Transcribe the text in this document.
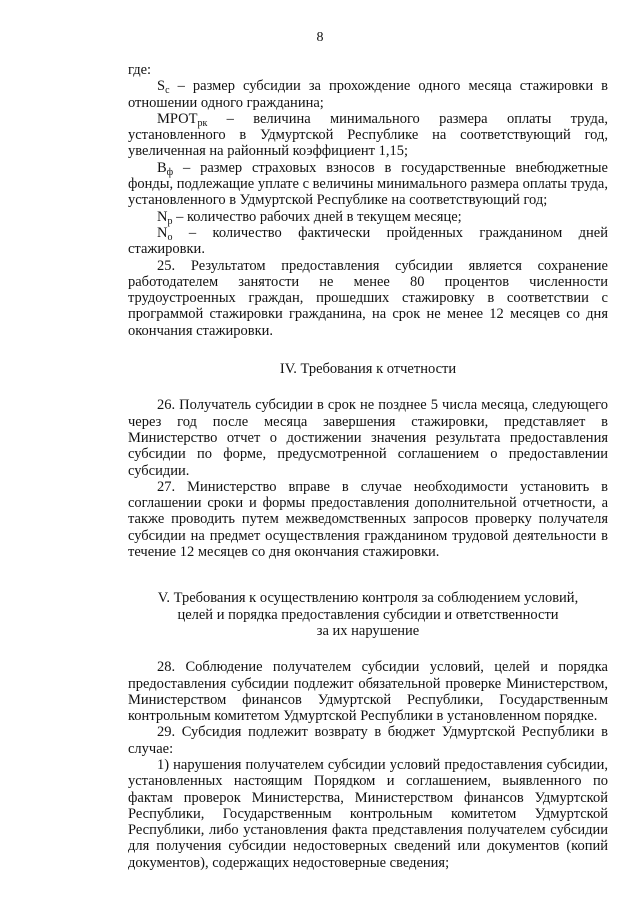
8

где:

$S_с$ – размер субсидии за прохождение одного месяца стажировки в отношении одного гражданина;

$МРОТ_{рк}$ – величина минимального размера оплаты труда, установленного в Удмуртской Республике на соответствующий год, увеличенная на районный коэффициент 1,15;

$В_ф$ – размер страховых взносов в государственные внебюджетные фонды, подлежащие уплате с величины минимального размера оплаты труда, установленного в Удмуртской Республике на соответствующий год;

$N_р$ – количество рабочих дней в текущем месяце;

$N_о$ – количество фактически пройденных гражданином дней стажировки.

25. Результатом предоставления субсидии является сохранение работодателем занятости не менее 80 процентов численности трудоустроенных граждан, прошедших стажировку в соответствии с программой стажировки гражданина, на срок не менее 12 месяцев со дня окончания стажировки.

IV. Требования к отчетности

26. Получатель субсидии в срок не позднее 5 числа месяца, следующего через год после месяца завершения стажировки, представляет в Министерство отчет о достижении значения результата предоставления субсидии по форме, предусмотренной соглашением о предоставлении субсидии.

27. Министерство вправе в случае необходимости установить в соглашении сроки и формы предоставления дополнительной отчетности, а также проводить путем межведомственных запросов проверку получателя субсидии на предмет осуществления гражданином трудовой деятельности в течение 12 месяцев со дня окончания стажировки.

V. Требования к осуществлению контроля за соблюдением условий,
целей и порядка предоставления субсидии и ответственности
за их нарушение

28. Соблюдение получателем субсидии условий, целей и порядка предоставления субсидии подлежит обязательной проверке Министерством, Министерством финансов Удмуртской Республики, Государственным контрольным комитетом Удмуртской Республики в установленном порядке.

29. Субсидия подлежит возврату в бюджет Удмуртской Республики в случае:

1) нарушения получателем субсидии условий предоставления субсидии, установленных настоящим Порядком и соглашением, выявленного по фактам проверок Министерства, Министерством финансов Удмуртской Республики, Государственным контрольным комитетом Удмуртской Республики, либо установления факта представления получателем субсидии для получения субсидии недостоверных сведений или документов (копий документов), содержащих недостоверные сведения;
